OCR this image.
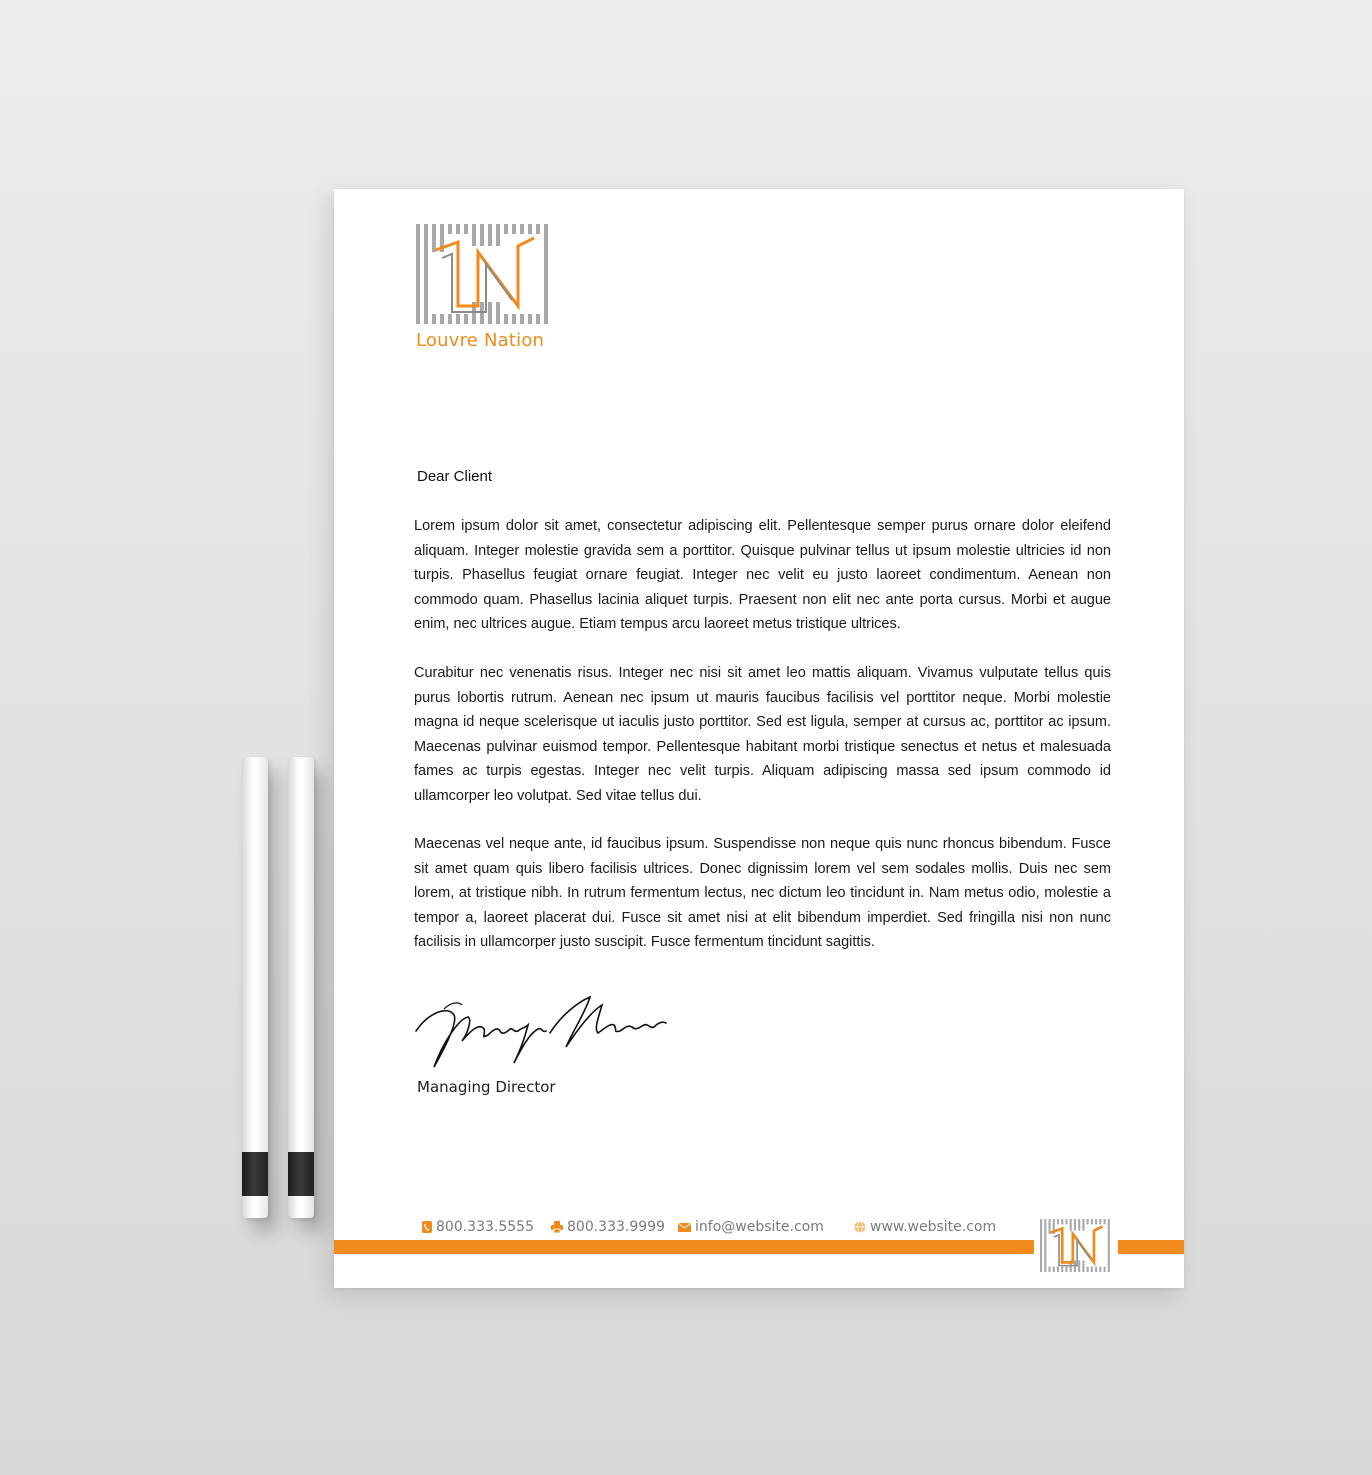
Louvre Nation
Dear Client

Lorem ipsum dolor sit amet, consectetur adipiscing elit. Pellentesque semper purus ornare dolor eleifend aliquam. Integer molestie gravida sem a porttitor. Quisque pulvinar tellus ut ipsum molestie ultricies id non turpis. Phasellus feugiat ornare feugiat. Integer nec velit eu justo laoreet condimentum. Aenean non commodo quam. Phasellus lacinia aliquet turpis. Praesent non elit nec ante porta cursus. Morbi et augue enim, nec ultrices augue. Etiam tempus arcu laoreet metus tristique ultrices.

Curabitur nec venenatis risus. Integer nec nisi sit amet leo mattis aliquam. Vivamus vulputate tellus quis purus lobortis rutrum. Aenean nec ipsum ut mauris faucibus facilisis vel porttitor neque. Morbi molestie magna id neque scelerisque ut iaculis justo porttitor. Sed est ligula, semper at cursus ac, porttitor ac ipsum. Maecenas pulvinar euismod tempor. Pellentesque habitant morbi tristique senectus et netus et malesuada fames ac turpis egestas. Integer nec velit turpis. Aliquam adipiscing massa sed ipsum commodo id ullamcorper leo volutpat. Sed vitae tellus dui.

Maecenas vel neque ante, id faucibus ipsum. Suspendisse non neque quis nunc rhoncus bibendum. Fusce sit amet quam quis libero facilisis ultrices. Donec dignissim lorem vel sem sodales mollis. Duis nec sem lorem, at tristique nibh. In rutrum fermentum lectus, nec dictum leo tincidunt in. Nam metus odio, molestie a tempor a, laoreet placerat dui. Fusce sit amet nisi at elit bibendum imperdiet. Sed fringilla nisi non nunc facilisis in ullamcorper justo suscipit. Fusce fermentum tincidunt sagittis.

Managing Director
800.333.5555 800.333.9999 info@website.com	www.website.com
